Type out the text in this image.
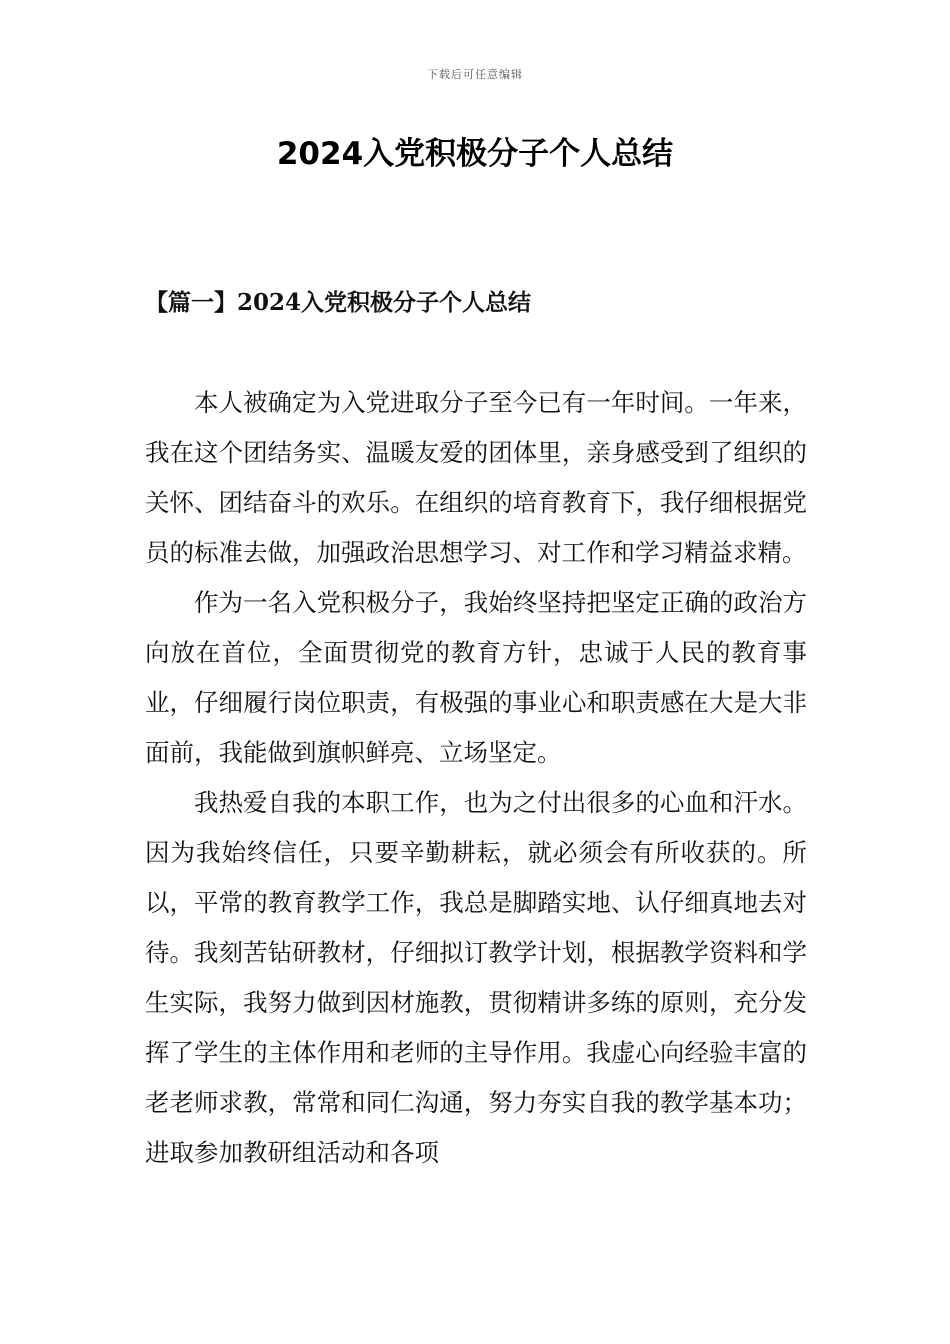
下载后可任意编辑
2024入党积极分子个人总结
【篇一】2024入党积极分子个人总结

本人被确定为入党进取分子至今已有一年时间。一年来，我在这个团结务实、温暖友爱的团体里，亲身感受到了组织的关怀、团结奋斗的欢乐。在组织的培育教育下，我仔细根据党员的标准去做，加强政治思想学习、对工作和学习精益求精。

作为一名入党积极分子，我始终坚持把坚定正确的政治方向放在首位，全面贯彻党的教育方针，忠诚于人民的教育事业，仔细履行岗位职责，有极强的事业心和职责感在大是大非面前，我能做到旗帜鲜亮、立场坚定。

我热爱自我的本职工作，也为之付出很多的心血和汗水。因为我始终信任，只要辛勤耕耘，就必须会有所收获的。所以，平常的教育教学工作，我总是脚踏实地、认仔细真地去对待。我刻苦钻研教材，仔细拟订教学计划，根据教学资料和学生实际，我努力做到因材施教，贯彻精讲多练的原则，充分发挥了学生的主体作用和老师的主导作用。我虚心向经验丰富的老老师求教，常常和同仁沟通，努力夯实自我的教学基本功；进取参加教研组活动和各项
